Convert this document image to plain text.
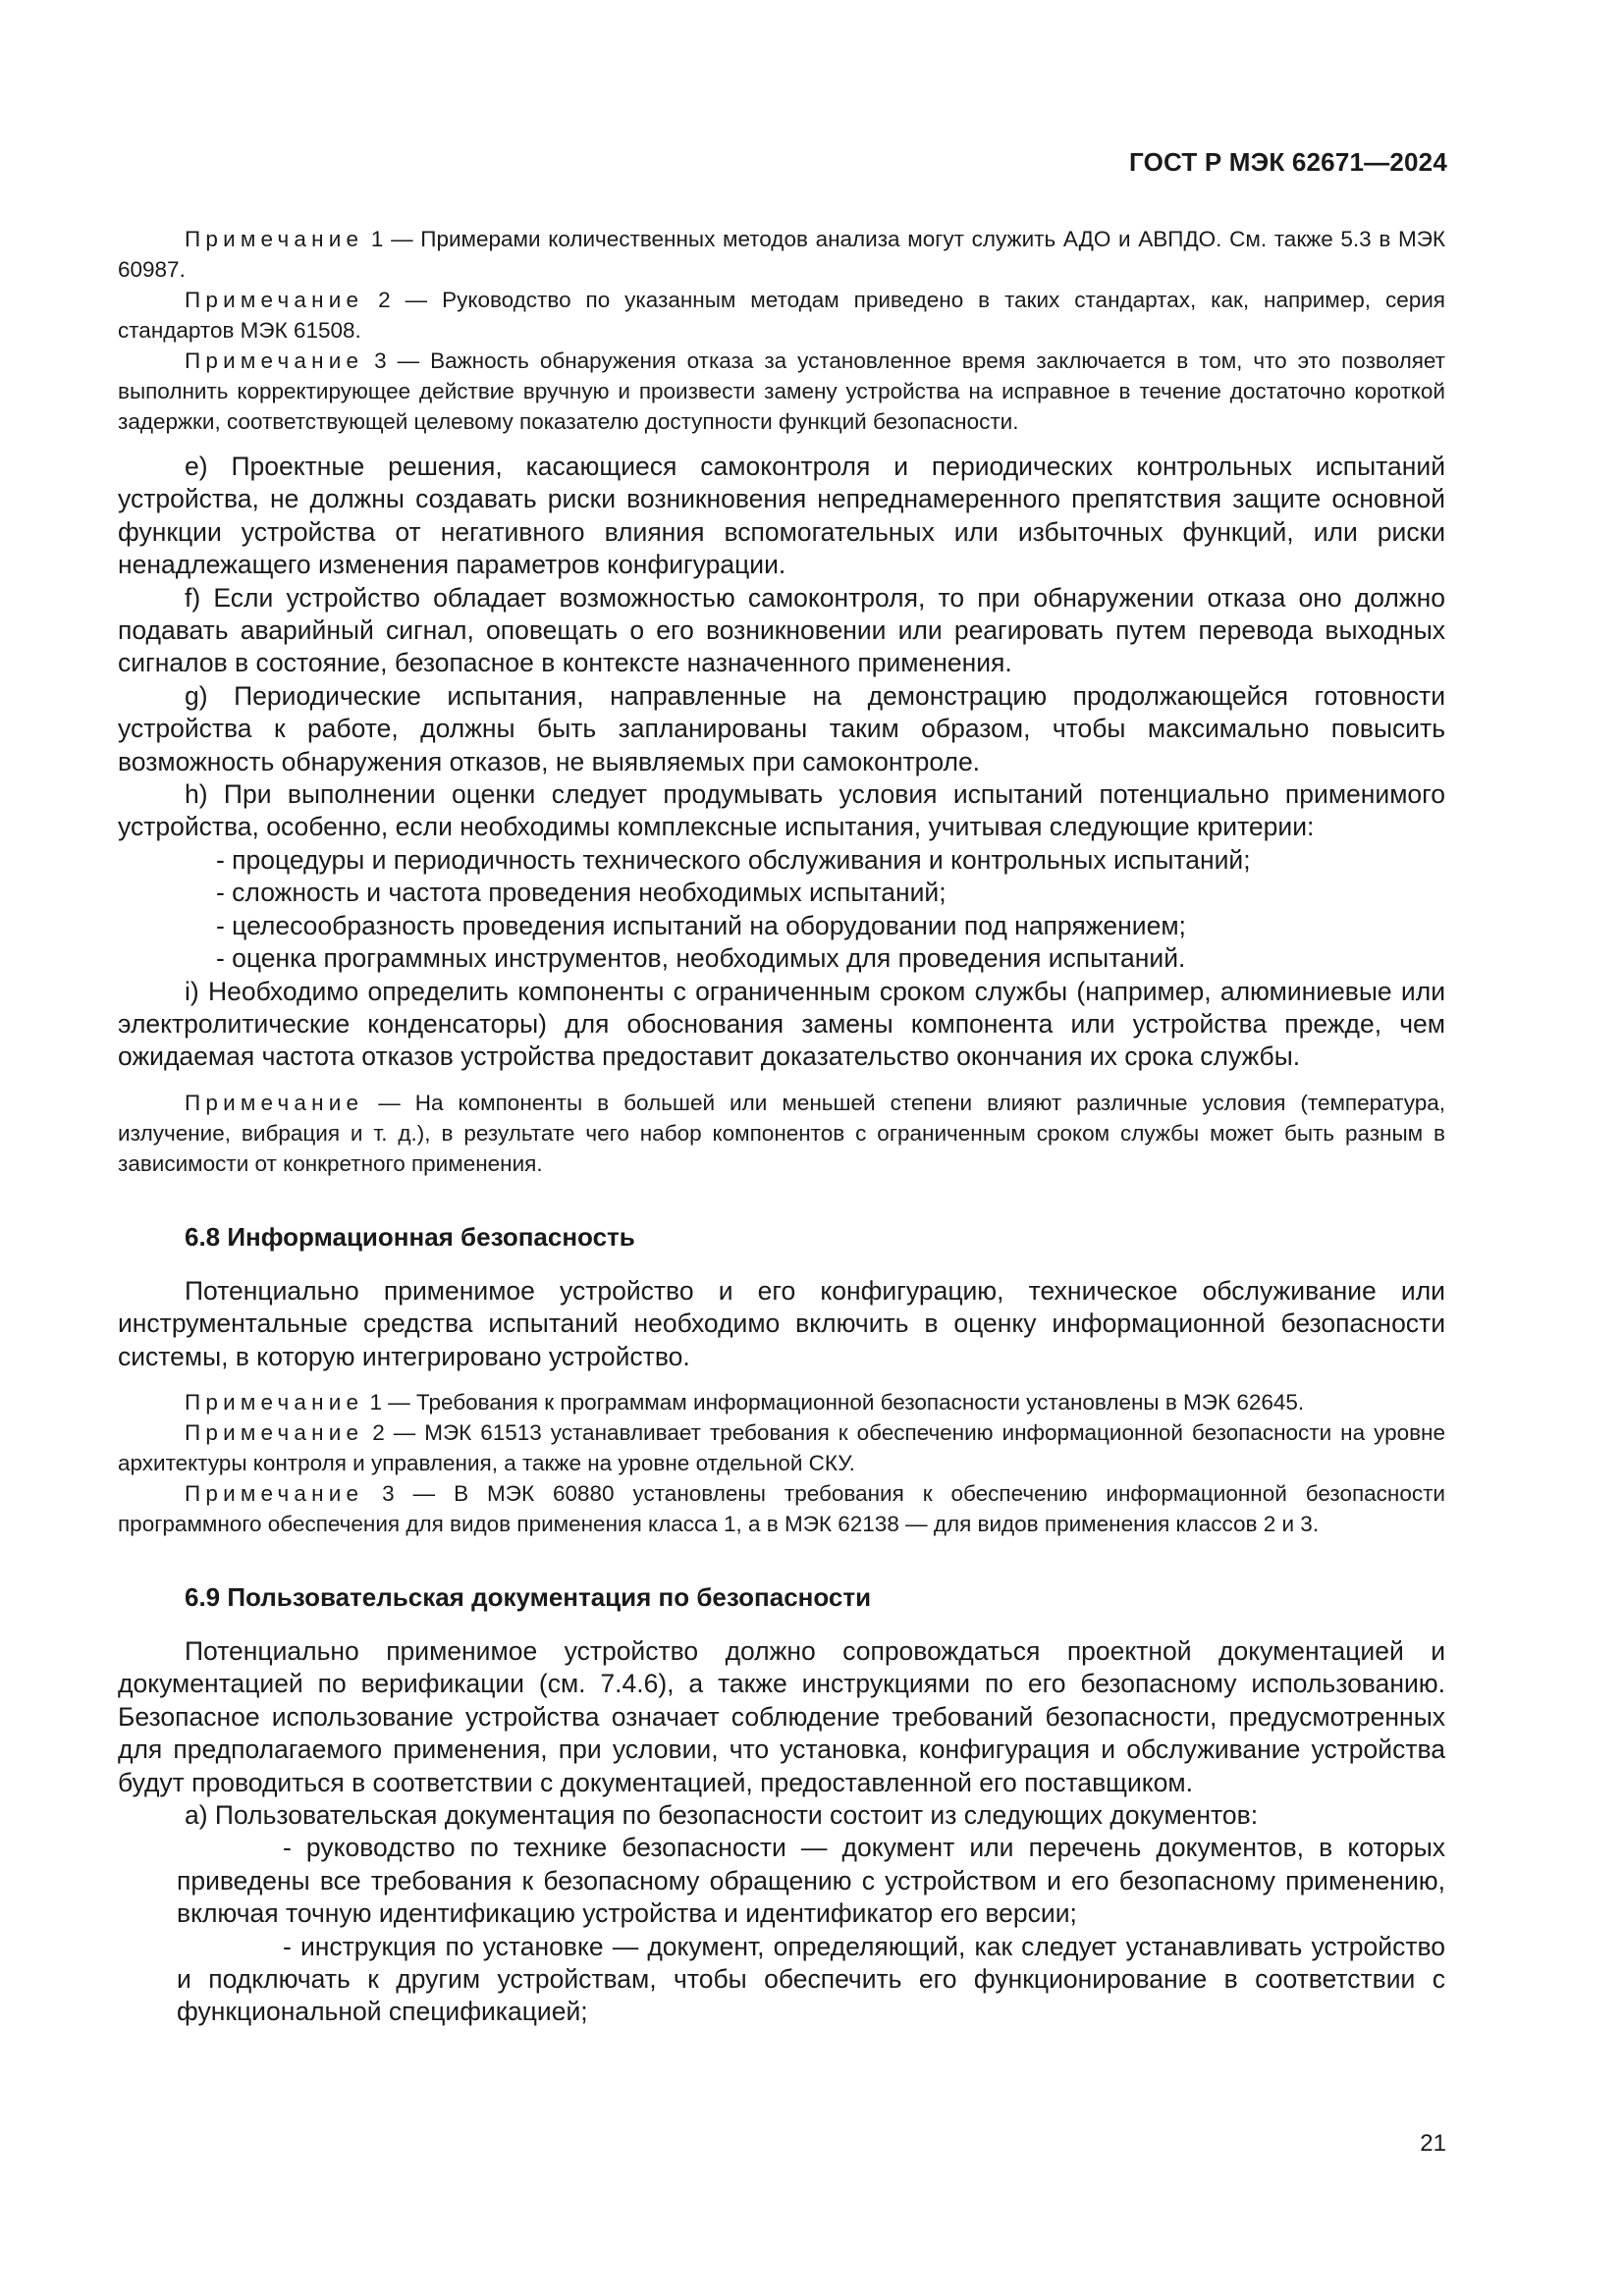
ГОСТ Р МЭК 62671—2024

Примечание 1 — Примерами количественных методов анализа могут служить АДО и АВПДО. См. также 5.3 в МЭК 60987.

Примечание 2 — Руководство по указанным методам приведено в таких стандартах, как, например, серия стандартов МЭК 61508.

Примечание 3 — Важность обнаружения отказа за установленное время заключается в том, что это позволяет выполнить корректирующее действие вручную и произвести замену устройства на исправное в течение достаточно короткой задержки, соответствующей целевому показателю доступности функций безопасности.

e) Проектные решения, касающиеся самоконтроля и периодических контрольных испытаний устройства, не должны создавать риски возникновения непреднамеренного препятствия защите основной функции устройства от негативного влияния вспомогательных или избыточных функций, или риски ненадлежащего изменения параметров конфигурации.

f) Если устройство обладает возможностью самоконтроля, то при обнаружении отказа оно должно подавать аварийный сигнал, оповещать о его возникновении или реагировать путем перевода выходных сигналов в состояние, безопасное в контексте назначенного применения.

g) Периодические испытания, направленные на демонстрацию продолжающейся готовности устройства к работе, должны быть запланированы таким образом, чтобы максимально повысить возможность обнаружения отказов, не выявляемых при самоконтроле.

h) При выполнении оценки следует продумывать условия испытаний потенциально применимого устройства, особенно, если необходимы комплексные испытания, учитывая следующие критерии:

- процедуры и периодичность технического обслуживания и контрольных испытаний;

- сложность и частота проведения необходимых испытаний;

- целесообразность проведения испытаний на оборудовании под напряжением;

- оценка программных инструментов, необходимых для проведения испытаний.

i) Необходимо определить компоненты с ограниченным сроком службы (например, алюминиевые или электролитические конденсаторы) для обоснования замены компонента или устройства прежде, чем ожидаемая частота отказов устройства предоставит доказательство окончания их срока службы.

Примечание — На компоненты в большей или меньшей степени влияют различные условия (температура, излучение, вибрация и т. д.), в результате чего набор компонентов с ограниченным сроком службы может быть разным в зависимости от конкретного применения.

6.8 Информационная безопасность

Потенциально применимое устройство и его конфигурацию, техническое обслуживание или инструментальные средства испытаний необходимо включить в оценку информационной безопасности системы, в которую интегрировано устройство.

Примечание 1 — Требования к программам информационной безопасности установлены в МЭК 62645.

Примечание 2 — МЭК 61513 устанавливает требования к обеспечению информационной безопасности на уровне архитектуры контроля и управления, а также на уровне отдельной СКУ.

Примечание 3 — В МЭК 60880 установлены требования к обеспечению информационной безопасности программного обеспечения для видов применения класса 1, а в МЭК 62138 — для видов применения классов 2 и 3.

6.9 Пользовательская документация по безопасности

Потенциально применимое устройство должно сопровождаться проектной документацией и документацией по верификации (см. 7.4.6), а также инструкциями по его безопасному использованию. Безопасное использование устройства означает соблюдение требований безопасности, предусмотренных для предполагаемого применения, при условии, что установка, конфигурация и обслуживание устройства будут проводиться в соответствии с документацией, предоставленной его поставщиком.

а) Пользовательская документация по безопасности состоит из следующих документов:

- руководство по технике безопасности — документ или перечень документов, в которых приведены все требования к безопасному обращению с устройством и его безопасному применению, включая точную идентификацию устройства и идентификатор его версии;

- инструкция по установке — документ, определяющий, как следует устанавливать устройство и подключать к другим устройствам, чтобы обеспечить его функционирование в соответствии с функциональной спецификацией;

21
